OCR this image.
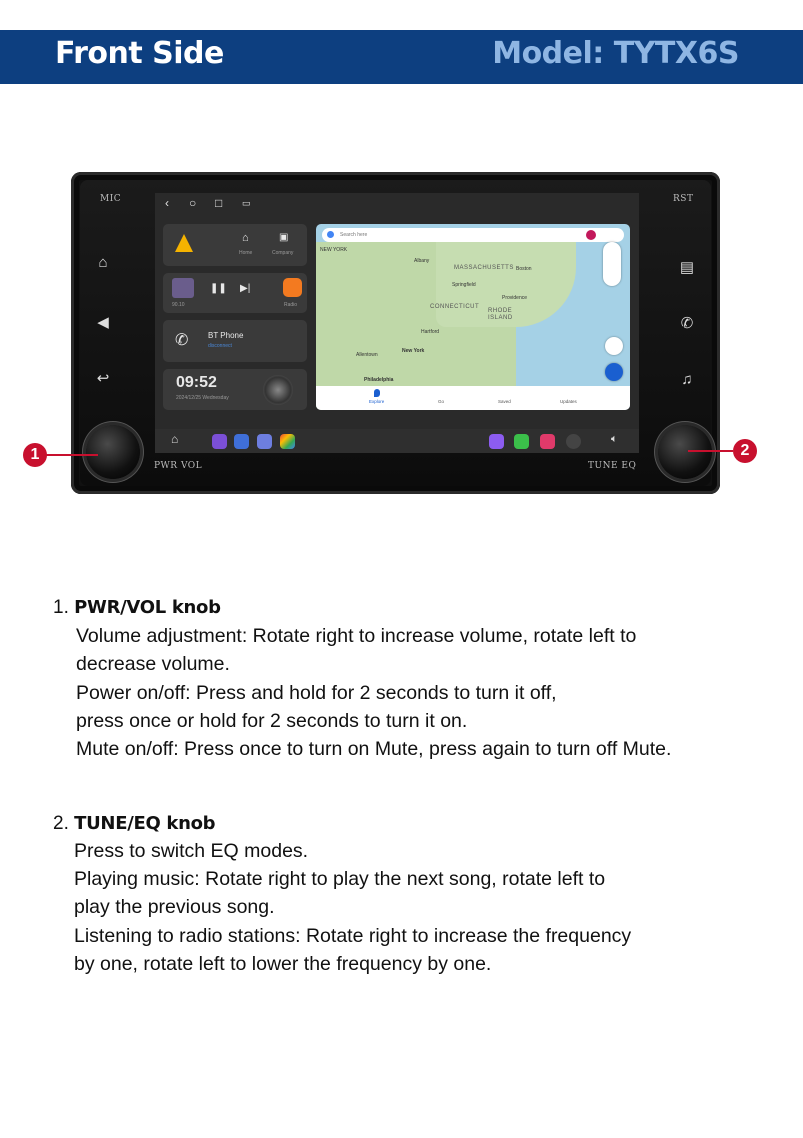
Front Side	Model: TYTX6S
MIC	RST
PWR VOL	TUNE EQ
⌂
◀
↩
▤
✆
♫
1	2
‹ ○ □ ▭
⌂
Home
▣
Company
90.10
❚❚ ▶|
Radio
✆ BT Phone
disconnect
09:52
2024/12/25 Wednesday
Search here
MASSACHUSETTS
CONNECTICUT
RHODE ISLAND
NEW YORK
New York
Philadelphia
Albany
Boston
Springfield
Hartford
Providence
Allentown
Explore	Go	Saved	Updates
⌂	🔈︎
1. PWR/VOL knob
Volume adjustment: Rotate right to increase volume, rotate left to
decrease volume.
Power on/off: Press and hold for 2 seconds to turn it off,
press once or hold for 2 seconds to turn it on.
Mute on/off: Press once to turn on Mute, press again to turn off Mute.
2. TUNE/EQ knob
Press to switch EQ modes.
Playing music: Rotate right to play the next song, rotate left to
play the previous song.
Listening to radio stations: Rotate right to increase the frequency
by one, rotate left to lower the frequency by one.
